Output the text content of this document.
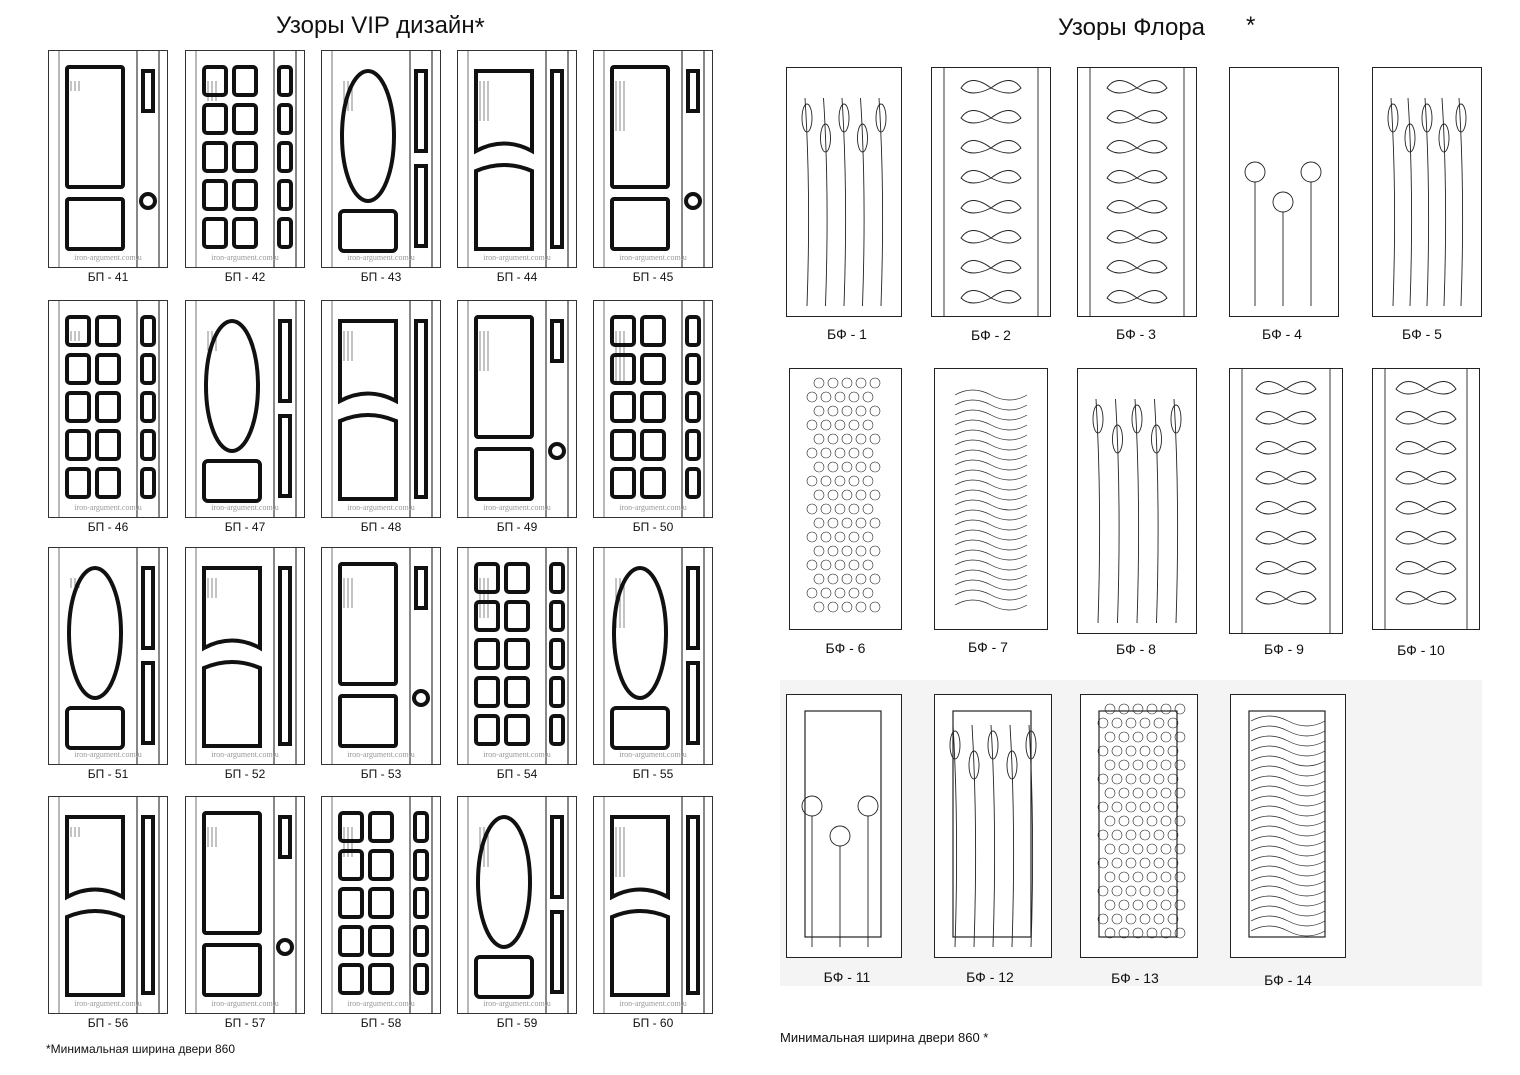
Узоры VIP дизайн*	Узоры Флора *
iron-argument.com.u
БП - 41
iron-argument.com.u
БП - 42
iron-argument.com.u
БП - 43
iron-argument.com.u
БП - 44
iron-argument.com.u
БП - 45
iron-argument.com.u
БП - 46
iron-argument.com.u
БП - 47
iron-argument.com.u
БП - 48
iron-argument.com.u
БП - 49
iron-argument.com.u
БП - 50
iron-argument.com.u
БП - 51
iron-argument.com.u
БП - 52
iron-argument.com.u
БП - 53
iron-argument.com.u
БП - 54
iron-argument.com.u
БП - 55
iron-argument.com.u
БП - 56
iron-argument.com.u
БП - 57
iron-argument.com.u
БП - 58
iron-argument.com.u
БП - 59
iron-argument.com.u
БП - 60
БФ - 1	БФ - 2	БФ - 3	БФ - 4	БФ - 5
БФ - 6	БФ - 7	БФ - 8	БФ - 9	БФ - 10
БФ - 11	БФ - 12	БФ - 13	БФ - 14
*Минимальная ширина двери 860
Минимальная ширина двери 860 *
